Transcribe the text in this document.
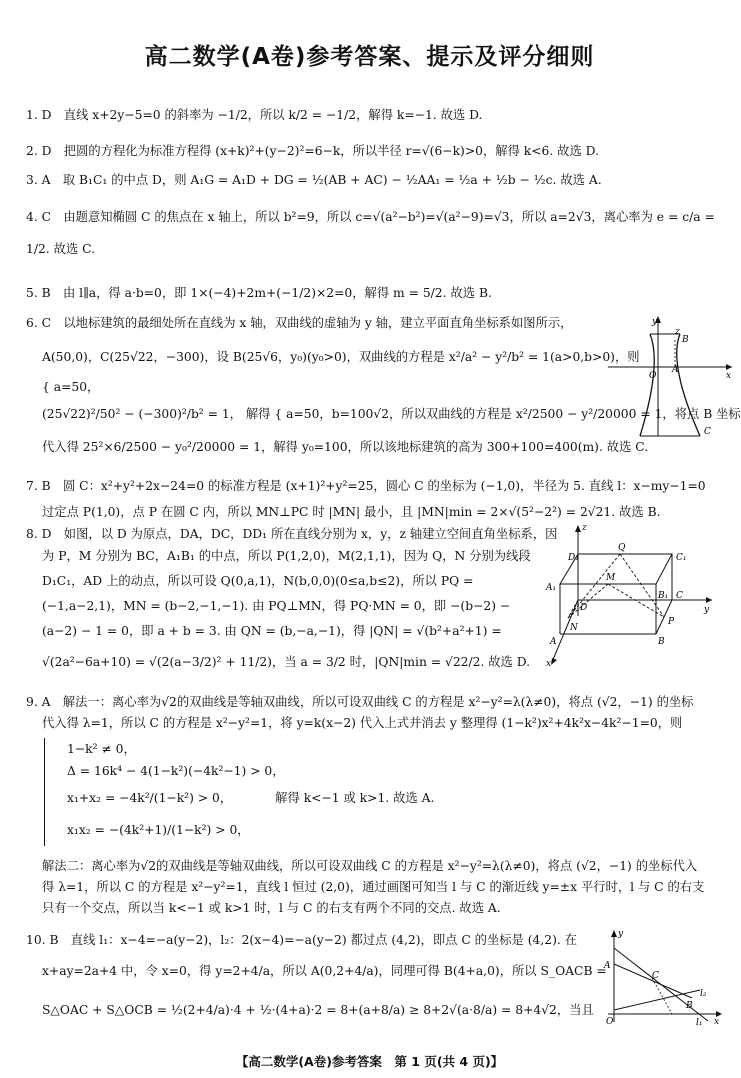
高二数学(A卷)参考答案、提示及评分细则
1. D　直线 x+2y−5=0 的斜率为 −1/2，所以 k/2 = −1/2，解得 k=−1. 故选 D.
2. D　把圆的方程化为标准方程得 (x+k)²+(y−2)²=6−k，所以半径 r=√(6−k)>0，解得 k<6. 故选 D.
3. A　取 B₁C₁ 的中点 D，则 A₁G = A₁D + DG = ½(AB + AC) − ½AA₁ = ½a + ½b − ½c. 故选 A.
4. C　由题意知椭圆 C 的焦点在 x 轴上，所以 b²=9，所以 c=√(a²−b²)=√(a²−9)=√3，所以 a=2√3，离心率为 e = c/a =
1/2. 故选 C.
5. B　由 l∥a，得 a·b=0，即 1×(−4)+2m+(−1/2)×2=0，解得 m = 5/2. 故选 B.
6. C　以地标建筑的最细处所在直线为 x 轴，双曲线的虚轴为 y 轴，建立平面直角坐标系如图所示，
A(50,0)，C(25√22，−300)，设 B(25√6，y₀)(y₀>0)，双曲线的方程是 x²/a² − y²/b² = 1(a>0,b>0)，则
{ a=50，
(25√22)²/50² − (−300)²/b² = 1， 解得 { a=50，b=100√2，所以双曲线的方程是 x²/2500 − y²/20000 = 1，将点 B 坐标
代入得 25²×6/2500 − y₀²/20000 = 1，解得 y₀=100，所以该地标建筑的高为 300+100=400(m). 故选 C.
y
z
x
O
A
B
C
7. B　圆 C：x²+y²+2x−24=0 的标准方程是 (x+1)²+y²=25，圆心 C 的坐标为 (−1,0)，半径为 5. 直线 l：x−my−1=0
过定点 P(1,0)，点 P 在圆 C 内，所以 MN⊥PC 时 |MN| 最小，且 |MN|min = 2×√(5²−2²) = 2√21. 故选 B.
8. D　如图，以 D 为原点，DA，DC，DD₁ 所在直线分别为 x，y，z 轴建立空间直角坐标系，因
为 P，M 分别为 BC，A₁B₁ 的中点，所以 P(1,2,0)，M(2,1,1)，因为 Q，N 分别为线段
D₁C₁，AD 上的动点，所以可设 Q(0,a,1)，N(b,0,0)(0≤a,b≤2)，所以 PQ =
(−1,a−2,1)，MN = (b−2,−1,−1). 由 PQ⊥MN，得 PQ·MN = 0，即 −(b−2) −
(a−2) − 1 = 0，即 a + b = 3. 由 QN = (b,−a,−1)，得 |QN| = √(b²+a²+1) =
√(2a²−6a+10) = √(2(a−3/2)² + 11/2)，当 a = 3/2 时，|QN|min = √22/2. 故选 D.
z
D₁
Q
C₁
A₁
M
B₁
D
C
y
A
N
P
B
x
9. A　解法一：离心率为√2的双曲线是等轴双曲线，所以可设双曲线 C 的方程是 x²−y²=λ(λ≠0)，将点 (√2，−1) 的坐标
代入得 λ=1，所以 C 的方程是 x²−y²=1，将 y=k(x−2) 代入上式并消去 y 整理得 (1−k²)x²+4k²x−4k²−1=0，则
1−k² ≠ 0，
Δ = 16k⁴ − 4(1−k²)(−4k²−1) > 0，
x₁+x₂ = −4k²/(1−k²) > 0，　　　　解得 k<−1 或 k>1. 故选 A.
x₁x₂ = −(4k²+1)/(1−k²) > 0，
解法二：离心率为√2的双曲线是等轴双曲线，所以可设双曲线 C 的方程是 x²−y²=λ(λ≠0)，将点 (√2，−1) 的坐标代入
得 λ=1，所以 C 的方程是 x²−y²=1，直线 l 恒过 (2,0)，通过画图可知当 l 与 C 的渐近线 y=±x 平行时，l 与 C 的右支
只有一个交点，所以当 k<−1 或 k>1 时，l 与 C 的右支有两个不同的交点. 故选 A.
10. B　直线 l₁：x−4=−a(y−2)，l₂：2(x−4)=−a(y−2) 都过点 (4,2)，即点 C 的坐标是 (4,2). 在
x+ay=2a+4 中，令 x=0，得 y=2+4/a，所以 A(0,2+4/a)，同理可得 B(4+a,0)，所以 S_OACB =
S△OAC + S△OCB = ½(2+4/a)·4 + ½·(4+a)·2 = 8+(a+8/a) ≥ 8+2√(a·8/a) = 8+4√2，当且
y
A
C
B
x
l₁
l₂
O
【高二数学(A卷)参考答案　第 1 页(共 4 页)】
